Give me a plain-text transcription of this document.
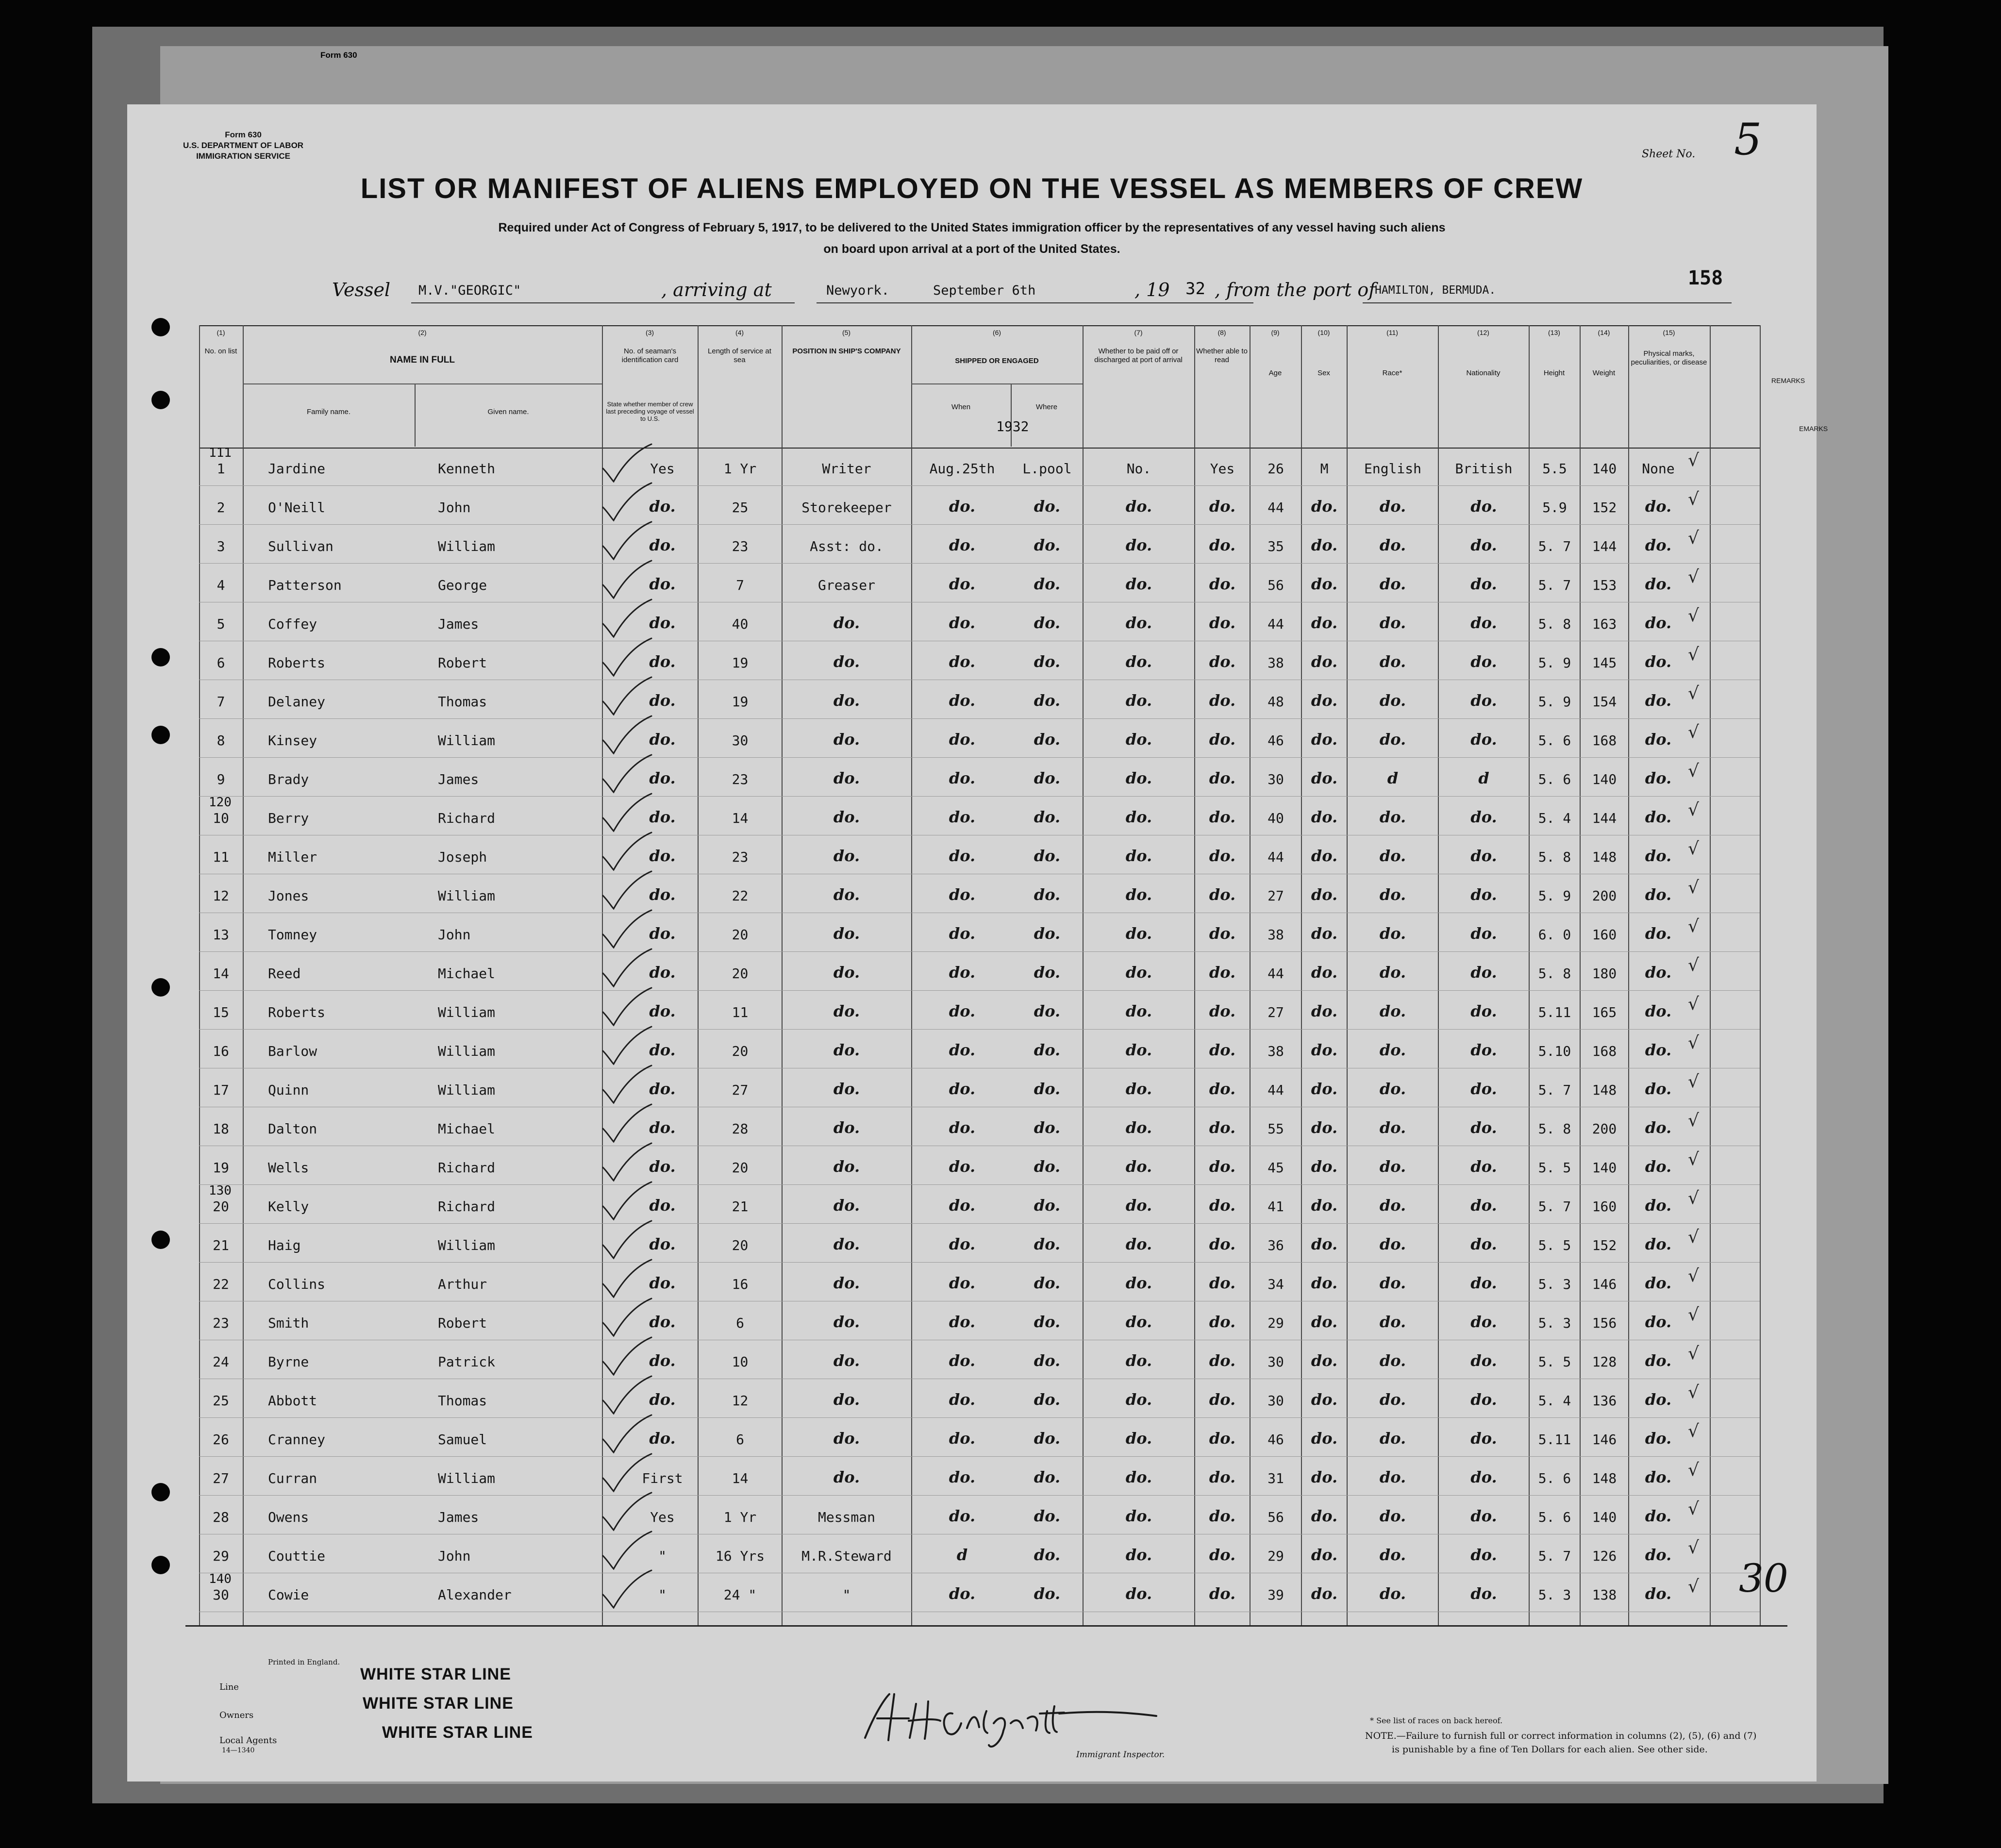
Form 630
Form 630
U.S. DEPARTMENT OF LABOR
IMMIGRATION SERVICE	Sheet No. 5
158
LIST OR MANIFEST OF ALIENS EMPLOYED ON THE VESSEL AS MEMBERS OF CREW
Required under Act of Congress of February 5, 1917, to be delivered to the United States immigration officer by the representatives of any vessel having such aliens
on board upon arrival at a port of the United States.
Vessel M.V."GEORGIC"	, arriving at	Newyork.	September 6th	, 19 32 , from the port of
HAMILTON, BERMUDA.
(1)	(2)	(3)	(4)	(5)	(6)	(7)	(8)	(9)	(10)	(11)	(12)	(13)	(14)	(15)
No. on list
NAME IN FULL
Family name.	Given name.
No. of seaman's identification card
State whether member of crew last preceding voyage of vessel to U.S.
Length of service at sea
POSITION IN SHIP'S COMPANY
SHIPPED OR ENGAGED
When	Where
1932
Whether to be paid off or discharged at port of arrival
Whether able to read
Age	Sex	Race*	Nationality	Height	Weight
Physical marks, peculiarities, or disease
REMARKS
EMARKS
1	Jardine	Kenneth	Yes	1 Yr	Writer	Aug.25th	L.pool	No.	Yes	26	M	English	British	5.5	140	None
111	√
2	O'Neill	John	do.	25	Storekeeper	do.	do.	do.	do.	44	do.	do.	do.	5.9	152	do. √
3	Sullivan	William	do.	23	Asst: do.	do.	do.	do.	do.	35	do.	do.	do.	5. 7	144	do. √
4	Patterson	George	do.	7	Greaser	do.	do.	do.	do.	56	do.	do.	do.	5. 7	153	do. √
5	Coffey	James	do.	40	do.	do.	do.	do.	do.	44	do.	do.	do.	5. 8	163	do. √
6	Roberts	Robert	do.	19	do.	do.	do.	do.	do.	38	do.	do.	do.	5. 9	145	do. √
7	Delaney	Thomas	do.	19	do.	do.	do.	do.	do.	48	do.	do.	do.	5. 9	154	do. √
8	Kinsey	William	do.	30	do.	do.	do.	do.	do.	46	do.	do.	do.	5. 6	168	do. √
9	Brady	James	do.	23	do.	do.	do.	do.	do.	30	do.	d	d	5. 6	140	do. √
10	Berry	Richard	do.	14	do.	do.	do.	do.	do.	40	do.	do.	do.	5. 4	144	do.
120	√
11	Miller	Joseph	do.	23	do.	do.	do.	do.	do.	44	do.	do.	do.	5. 8	148	do. √
12	Jones	William	do.	22	do.	do.	do.	do.	do.	27	do.	do.	do.	5. 9	200	do. √
13	Tomney	John	do.	20	do.	do.	do.	do.	do.	38	do.	do.	do.	6. 0	160	do. √
14	Reed	Michael	do.	20	do.	do.	do.	do.	do.	44	do.	do.	do.	5. 8	180	do. √
15	Roberts	William	do.	11	do.	do.	do.	do.	do.	27	do.	do.	do.	5.11	165	do. √
16	Barlow	William	do.	20	do.	do.	do.	do.	do.	38	do.	do.	do.	5.10	168	do. √
17	Quinn	William	do.	27	do.	do.	do.	do.	do.	44	do.	do.	do.	5. 7	148	do. √
18	Dalton	Michael	do.	28	do.	do.	do.	do.	do.	55	do.	do.	do.	5. 8	200	do. √
19	Wells	Richard	do.	20	do.	do.	do.	do.	do.	45	do.	do.	do.	5. 5	140	do. √
20	Kelly	Richard	do.	21	do.	do.	do.	do.	do.	41	do.	do.	do.	5. 7	160	do.
130	√
21	Haig	William	do.	20	do.	do.	do.	do.	do.	36	do.	do.	do.	5. 5	152	do. √
22	Collins	Arthur	do.	16	do.	do.	do.	do.	do.	34	do.	do.	do.	5. 3	146	do. √
23	Smith	Robert	do.	6	do.	do.	do.	do.	do.	29	do.	do.	do.	5. 3	156	do. √
24	Byrne	Patrick	do.	10	do.	do.	do.	do.	do.	30	do.	do.	do.	5. 5	128	do. √
25	Abbott	Thomas	do.	12	do.	do.	do.	do.	do.	30	do.	do.	do.	5. 4	136	do. √
26	Cranney	Samuel	do.	6	do.	do.	do.	do.	do.	46	do.	do.	do.	5.11	146	do. √
27	Curran	William	First	14	do.	do.	do.	do.	do.	31	do.	do.	do.	5. 6	148	do. √
28	Owens	James	Yes	1 Yr	Messman	do.	do.	do.	do.	56	do.	do.	do.	5. 6	140	do. √
29	Couttie	John	"	16 Yrs	M.R.Steward	d	do.	do.	do.	29	do.	do.	do.	5. 7	126	do. √
30	Cowie	Alexander	"	24 "	"	do.	do.	do.	do.	39	do.	do.	do.	5. 3	138	do.
140	√ 30
Printed in England.
Line
WHITE STAR LINE
Owners
WHITE STAR LINE
Local Agents
14—1340
WHITE STAR LINE
Immigrant Inspector.
* See list of races on back hereof.
NOTE.—Failure to furnish full or correct information in columns (2), (5), (6) and (7)
is punishable by a fine of Ten Dollars for each alien. See other side.
